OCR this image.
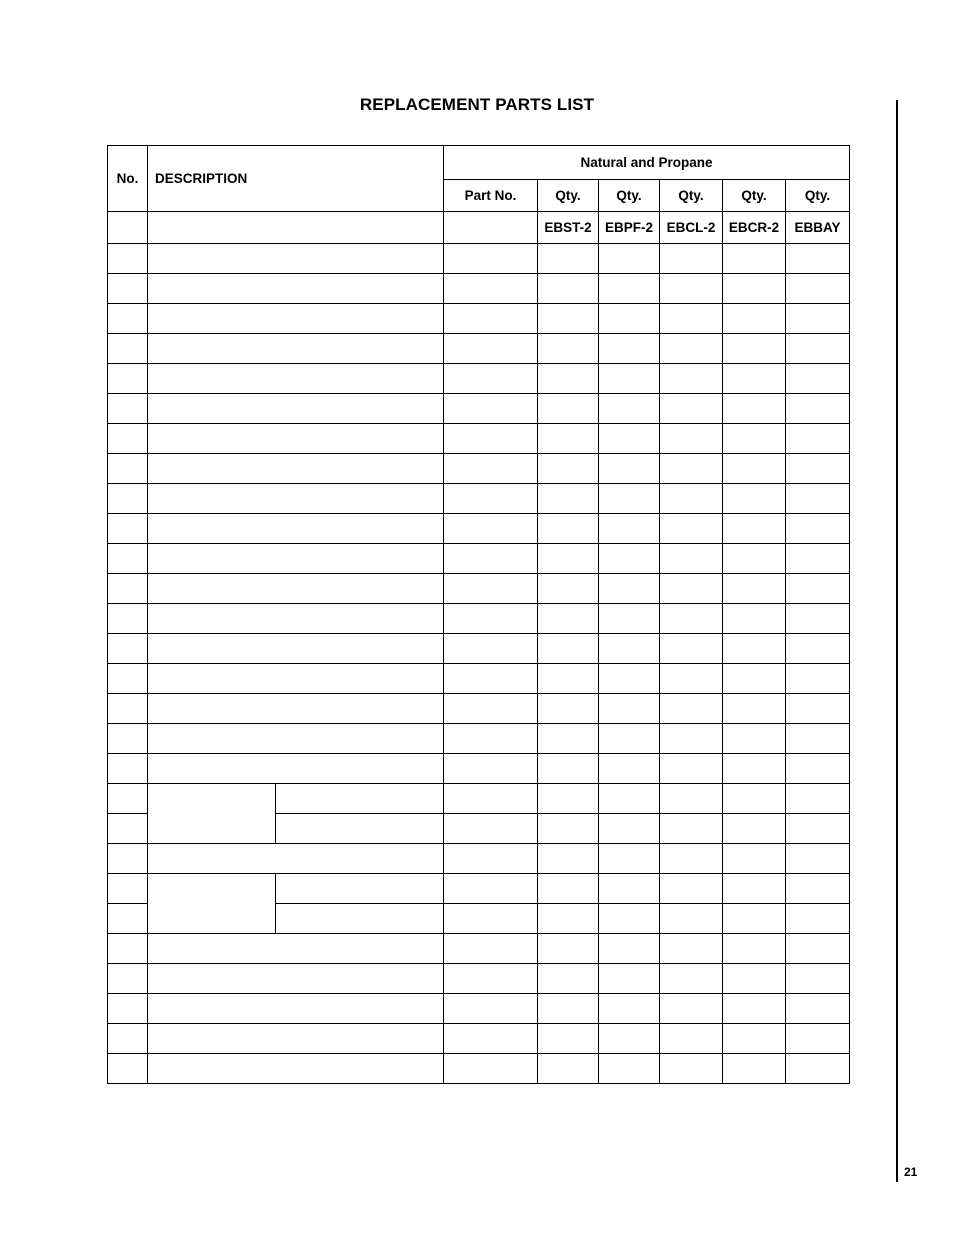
REPLACEMENT PARTS LIST
No.	DESCRIPTION		Natural and Propane					
			Part No.	Qty.	Qty.	Qty.	Qty.	Qty.
				EBST-2	EBPF-2	EBCL-2	EBCR-2	EBBAY

21
